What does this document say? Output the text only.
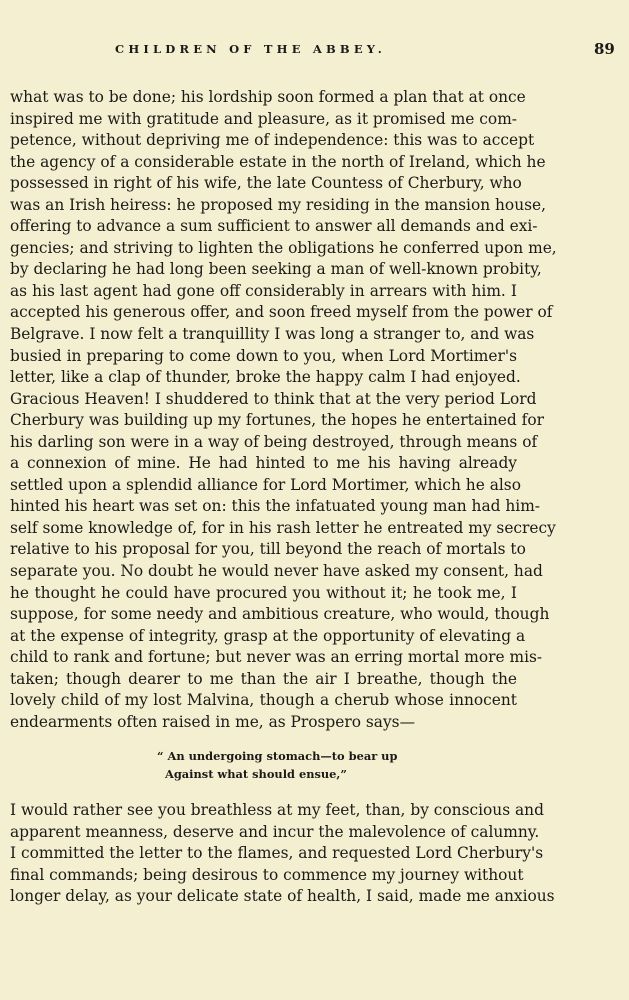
CHILDREN OF THE ABBEY.	89
what was to be done; his lordship soon formed a plan that at once
inspired me with gratitude and pleasure, as it promised me com-
petence, without depriving me of independence: this was to accept
the agency of a considerable estate in the north of Ireland, which he
possessed in right of his wife, the late Countess of Cherbury, who
was an Irish heiress: he proposed my residing in the mansion house,
offering to advance a sum sufficient to answer all demands and exi-
gencies; and striving to lighten the obligations he conferred upon me,
by declaring he had long been seeking a man of well-known probity,
as his last agent had gone off considerably in arrears with him. I
accepted his generous offer, and soon freed myself from the power of
Belgrave. I now felt a tranquillity I was long a stranger to, and was
busied in preparing to come down to you, when Lord Mortimer's
letter, like a clap of thunder, broke the happy calm I had enjoyed.
Gracious Heaven! I shuddered to think that at the very period Lord
Cherbury was building up my fortunes, the hopes he entertained for
his darling son were in a way of being destroyed, through means of
a connexion of mine. He had hinted to me his having already
settled upon a splendid alliance for Lord Mortimer, which he also
hinted his heart was set on: this the infatuated young man had him-
self some knowledge of, for in his rash letter he entreated my secrecy
relative to his proposal for you, till beyond the reach of mortals to
separate you. No doubt he would never have asked my consent, had
he thought he could have procured you without it; he took me, I
suppose, for some needy and ambitious creature, who would, though
at the expense of integrity, grasp at the opportunity of elevating a
child to rank and fortune; but never was an erring mortal more mis-
taken; though dearer to me than the air I breathe, though the
lovely child of my lost Malvina, though a cherub whose innocent
endearments often raised in me, as Prospero says—
“ An undergoing stomach—to bear up
Against what should ensue,”
I would rather see you breathless at my feet, than, by conscious and
apparent meanness, deserve and incur the malevolence of calumny.
I committed the letter to the flames, and requested Lord Cherbury's
final commands; being desirous to commence my journey without
longer delay, as your delicate state of health, I said, made me anxious
